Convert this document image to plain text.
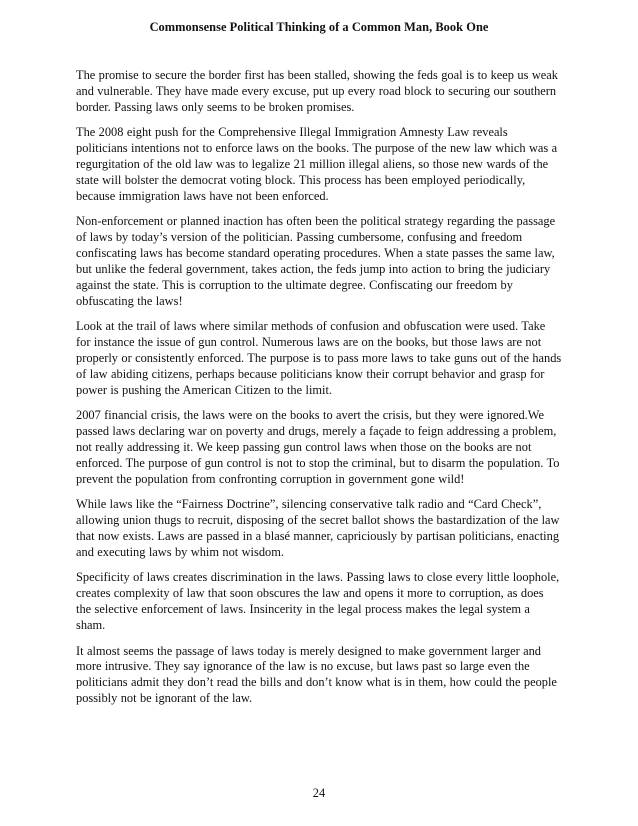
Commonsense Political Thinking of a Common Man, Book One

The promise to secure the border first has been stalled, showing the feds goal is to keep us weak and vulnerable. They have made every excuse, put up every road block to securing our southern border. Passing laws only seems to be broken promises.

The 2008 eight push for the Comprehensive Illegal Immigration Amnesty Law reveals politicians intentions not to enforce laws on the books. The purpose of the new law which was a regurgitation of the old law was to legalize 21 million illegal aliens, so those new wards of the state will bolster the democrat voting block. This process has been employed periodically, because immigration laws have not been enforced.

Non-enforcement or planned inaction has often been the political strategy regarding the passage of laws by today’s version of the politician. Passing cumbersome, confusing and freedom confiscating laws has become standard operating procedures. When a state passes the same law, but unlike the federal government, takes action, the feds jump into action to bring the judiciary against the state. This is corruption to the ultimate degree. Confiscating our freedom by obfuscating the laws!

Look at the trail of laws where similar methods of confusion and obfuscation were used. Take for instance the issue of gun control. Numerous laws are on the books, but those laws are not properly or consistently enforced. The purpose is to pass more laws to take guns out of the hands of law abiding citizens, perhaps because politicians know their corrupt behavior and grasp for power is pushing the American Citizen to the limit.

2007 financial crisis, the laws were on the books to avert the crisis, but they were ignored.We passed laws declaring war on poverty and drugs, merely a façade to feign addressing a problem, not really addressing it. We keep passing gun control laws when those on the books are not enforced. The purpose of gun control is not to stop the criminal, but to disarm the population. To prevent the population from confronting corruption in government gone wild!

While laws like the “Fairness Doctrine”, silencing conservative talk radio and “Card Check”, allowing union thugs to recruit, disposing of the secret ballot shows the bastardization of the law that now exists. Laws are passed in a blasé manner, capriciously by partisan politicians, enacting and executing laws by whim not wisdom.

Specificity of laws creates discrimination in the laws. Passing laws to close every little loophole, creates complexity of law that soon obscures the law and opens it more to corruption, as does the selective enforcement of laws. Insincerity in the legal process makes the legal system a sham.

It almost seems the passage of laws today is merely designed to make government larger and more intrusive. They say ignorance of the law is no excuse, but laws past so large even the politicians admit they don’t read the bills and don’t know what is in them, how could the people possibly not be ignorant of the law.

24
